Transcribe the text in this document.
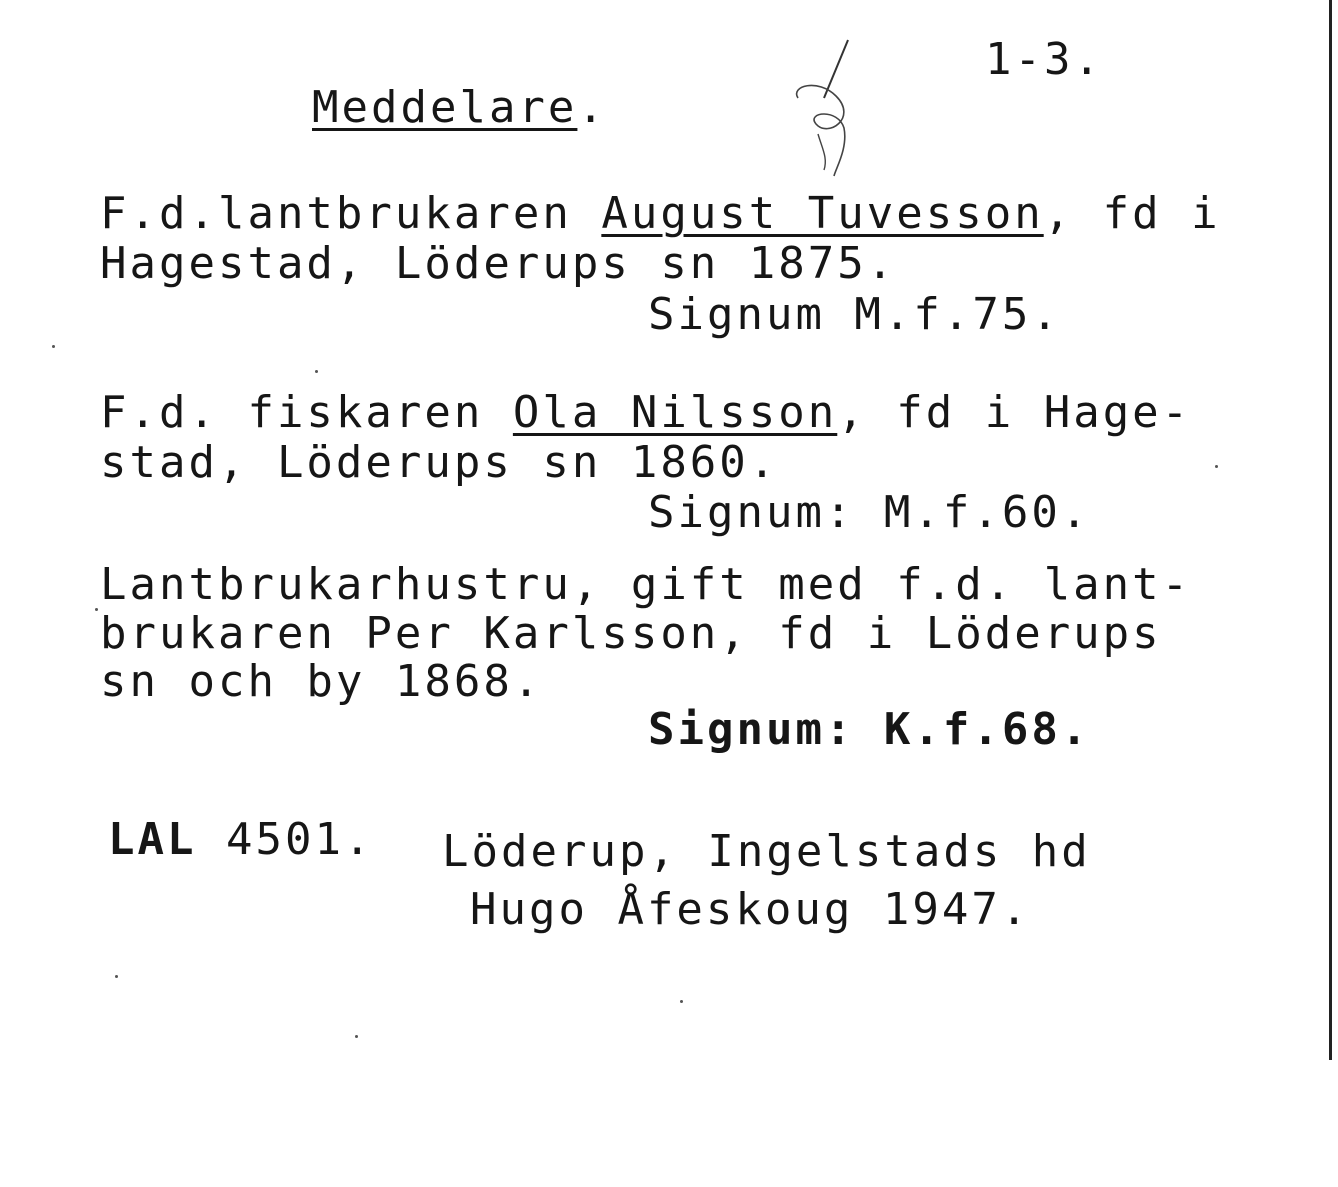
1-3.
Meddelare.
F.d.lantbrukaren August Tuvesson, fd i
Hagestad, Löderups sn 1875.
Signum M.f.75.
F.d. fiskaren Ola Nilsson, fd i Hage-
stad, Löderups sn 1860.
Signum: M.f.60.
Lantbrukarhustru, gift med f.d. lant-
brukaren Per Karlsson, fd i Löderups
sn och by 1868.
Signum: K.f.68.
LAL 4501. Löderup, Ingelstads hd
Hugo Åfeskoug 1947.
